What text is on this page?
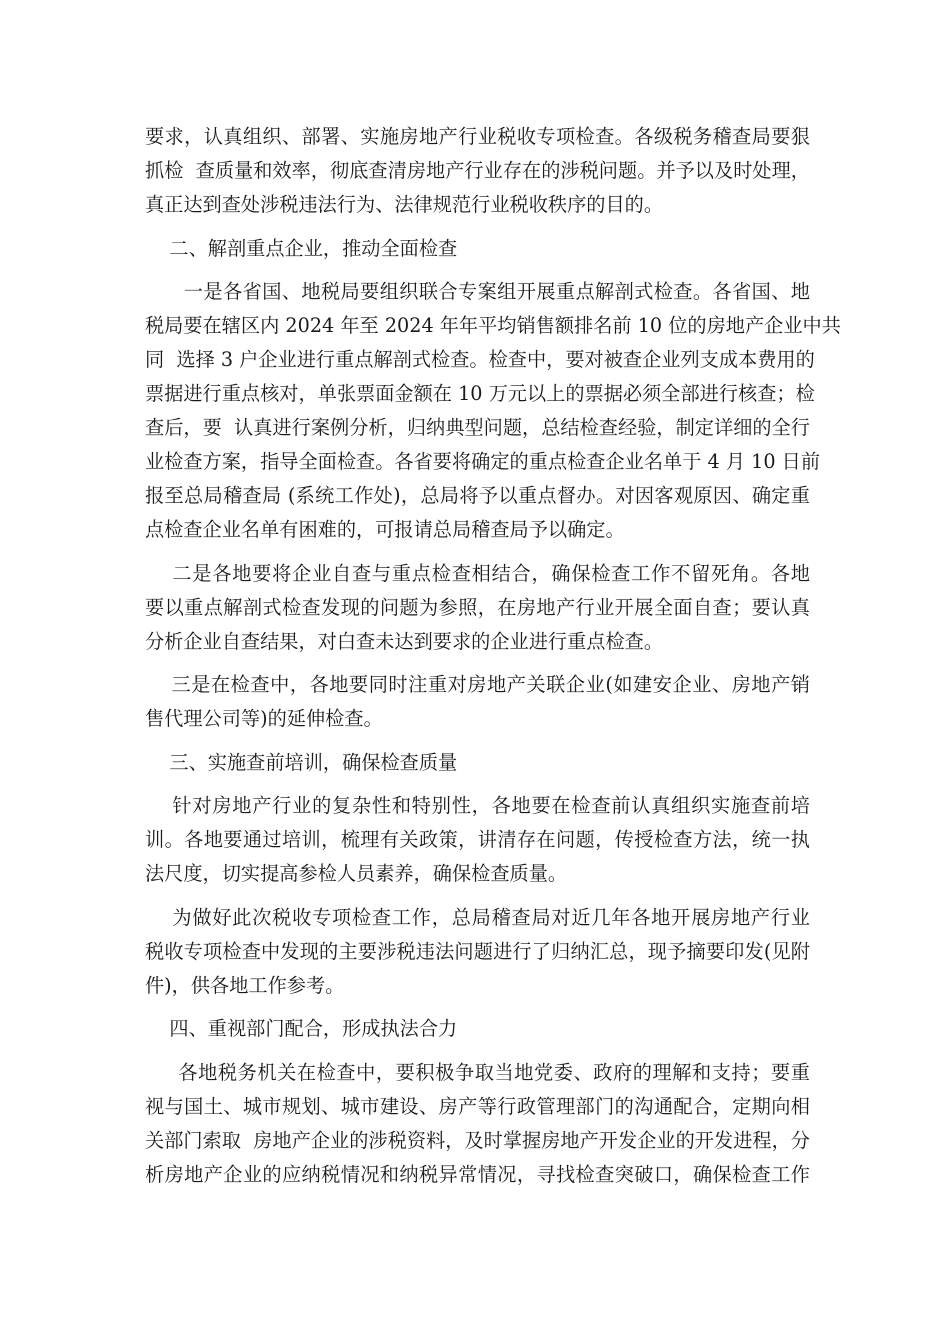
要求，认真组织、部署、实施房地产行业税收专项检查。各级税务稽查局要狠
抓检  查质量和效率，彻底查清房地产行业存在的涉税问题。并予以及时处理，
真正达到查处涉税违法行为、法律规范行业税收秩序的目的。
二、解剖重点企业，推动全面检查
一是各省国、地税局要组织联合专案组开展重点解剖式检查。各省国、地
税局要在辖区内 2024 年至 2024 年年平均销售额排名前 10 位的房地产企业中共
同  选择 3 户企业进行重点解剖式检查。检查中，要对被查企业列支成本费用的
票据进行重点核对，单张票面金额在 10 万元以上的票据必须全部进行核查；检
查后，要  认真进行案例分析，归纳典型问题，总结检查经验，制定详细的全行
业检查方案，指导全面检查。各省要将确定的重点检查企业名单于 4 月 10 日前
报至总局稽查局 (系统工作处)，总局将予以重点督办。对因客观原因、确定重
点检查企业名单有困难的，可报请总局稽查局予以确定。
二是各地要将企业自查与重点检查相结合，确保检查工作不留死角。各地
要以重点解剖式检查发现的问题为参照，在房地产行业开展全面自查；要认真
分析企业自查结果，对白查未达到要求的企业进行重点检查。
三是在检查中，各地要同时注重对房地产关联企业(如建安企业、房地产销
售代理公司等)的延伸检查。
三、实施查前培训，确保检查质量
针对房地产行业的复杂性和特别性，各地要在检查前认真组织实施查前培
训。各地要通过培训，梳理有关政策，讲清存在问题，传授检查方法，统一执
法尺度，切实提高参检人员素养，确保检查质量。
为做好此次税收专项检查工作，总局稽查局对近几年各地开展房地产行业
税收专项检查中发现的主要涉税违法问题进行了归纳汇总，现予摘要印发(见附
件)，供各地工作参考。
四、重视部门配合，形成执法合力
各地税务机关在检查中，要积极争取当地党委、政府的理解和支持；要重
视与国土、城市规划、城市建设、房产等行政管理部门的沟通配合，定期向相
关部门索取  房地产企业的涉税资料，及时掌握房地产开发企业的开发进程，分
析房地产企业的应纳税情况和纳税异常情况，寻找检查突破口，确保检查工作
